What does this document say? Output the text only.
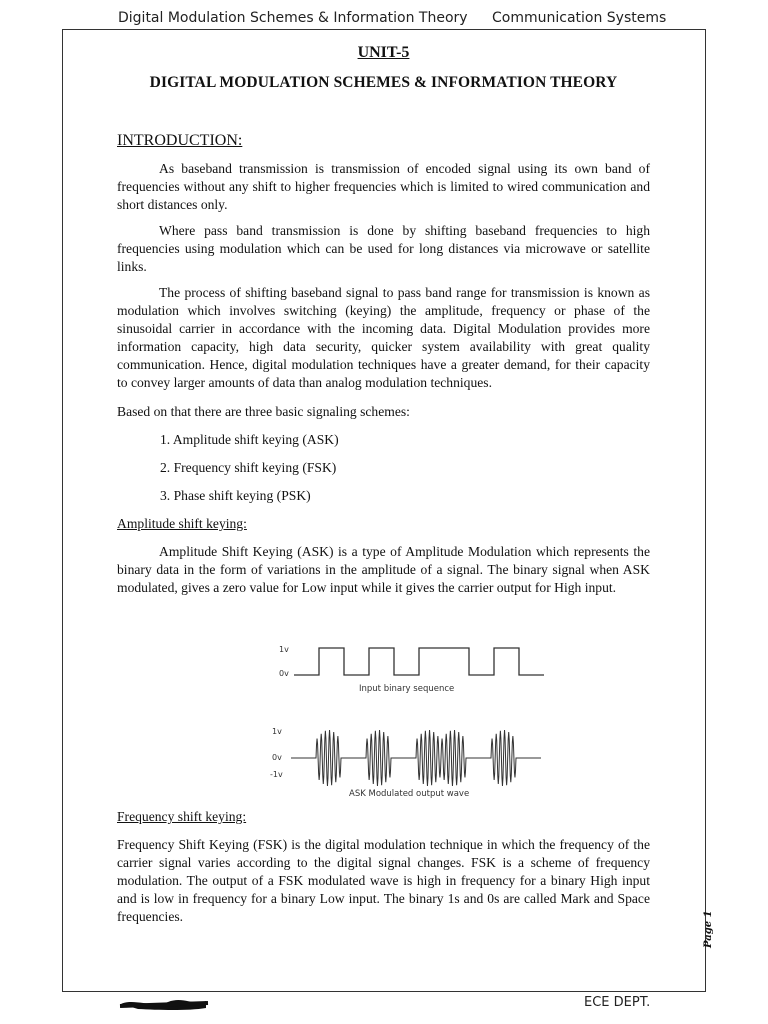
Digital Modulation Schemes & Information Theory Communication Systems
UNIT-5
DIGITAL MODULATION SCHEMES & INFORMATION THEORY
INTRODUCTION:

As baseband transmission is transmission of encoded signal using its own band of frequencies without any shift to higher frequencies which is limited to wired communication and short distances only.

Where pass band transmission is done by shifting baseband frequencies to high frequencies using modulation which can be used for long distances via microwave or satellite links.

The process of shifting baseband signal to pass band range for transmission is known as modulation which involves switching (keying) the amplitude, frequency or phase of the sinusoidal carrier in accordance with the incoming data. Digital Modulation provides more information capacity, high data security, quicker system availability with great quality communication. Hence, digital modulation techniques have a greater demand, for their capacity to convey larger amounts of data than analog modulation techniques.

Based on that there are three basic signaling schemes:

1. Amplitude shift keying (ASK)
2. Frequency shift keying (FSK)
3. Phase shift keying (PSK)
Amplitude shift keying:

Amplitude Shift Keying (ASK) is a type of Amplitude Modulation which represents the binary data in the form of variations in the amplitude of a signal. The binary signal when ASK modulated, gives a zero value for Low input while it gives the carrier output for High input.

1v
0v
Input binary sequence
1v
0v
-1v
ASK Modulated output wave
Frequency shift keying:

Frequency Shift Keying (FSK) is the digital modulation technique in which the frequency of the carrier signal varies according to the digital signal changes. FSK is a scheme of frequency modulation. The output of a FSK modulated wave is high in frequency for a binary High input and is low in frequency for a binary Low input. The binary 1s and 0s are called Mark and Space frequencies.	Page 1
ECE DEPT.
